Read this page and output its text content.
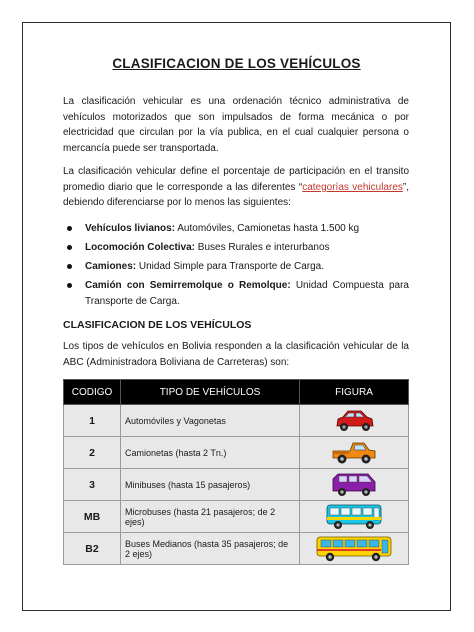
CLASIFICACION DE LOS VEHÍCULOS

La clasificación vehicular es una ordenación técnico administrativa de vehículos motorizados que son impulsados de forma mecánica o por electricidad que circulan por la vía publica, en el cual cualquier persona o mercancía puede ser transportada.

La clasificación vehicular define el porcentaje de participación en el transito promedio diario que le corresponde a las diferentes “categorías vehiculares”, debiendo diferenciarse por lo menos las siguientes:

Vehículos livianos: Automóviles, Camionetas hasta 1.500 kg
Locomoción Colectiva: Buses Rurales e interurbanos
Camiones: Unidad Simple para Transporte de Carga.
Camión con Semirremolque o Remolque: Unidad Compuesta para Transporte de Carga.
CLASIFICACION DE LOS VEHÍCULOS

Los tipos de vehículos en Bolivia responden a la clasificación vehicular de la ABC (Administradora Boliviana de Carreteras) son:

CODIGO	TIPO DE VEHÍCULOS	FIGURA
1	Automóviles y Vagonetas	

2	Camionetas (hasta 2 Tn.)	

3	Minibuses (hasta 15 pasajeros)	

MB	Microbuses (hasta 21 pasajeros; de 2 ejes)	

B2	Buses Medianos (hasta 35 pasajeros; de 2 ejes)	
